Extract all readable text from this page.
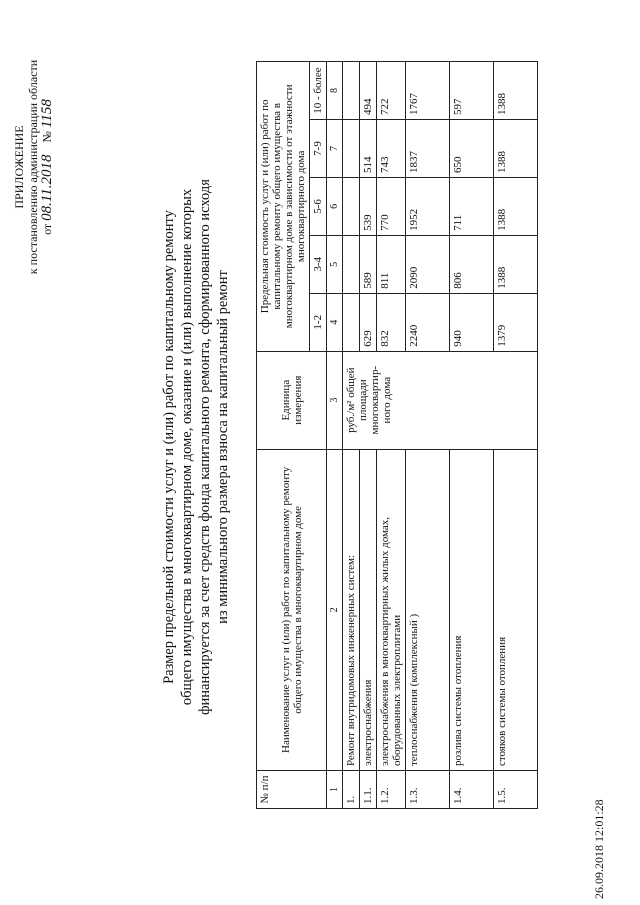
ПРИЛОЖЕНИЕ к постановлению администрации области от 08.11.2018    № 1158
Размер предельной стоимости услуг и (или) работ по капитальному ремонту общего имущества в многоквартирном доме, оказание и (или) выполнение которых финансируется за счет средств фонда капитального ремонта, сформированного исходя из минимального размера взноса на капитальный ремонт
№ п/п	Наименование услуг и (или) работ по капитальному ремонту общего имущества в многоквартирном доме	Единица измерения	Предельная стоимость услуг и (или) работ по капитальному ремонту общего имущества в многоквартирном доме в зависимости от этажности многоквартирного дома				
			1-2	3-4	5-6	7-9	10 - более
1	2	3	4	5	6	7	8
1.	Ремонт внутридомовых инженерных систем:	руб./м² общей площади многоквартир-ного дома					
1.1.	электроснабжения		629	589	539	514	494
1.2.	электроснабжения в многоквартирных жилых домах, оборудованных электроплитами		832	811	770	743	722
1.3.	теплоснабжения (комплексный )		2240	2090	1952	1837	1767
1.4.	розлива системы отопления		940	806	711	650	597
1.5.	стояков системы отопления		1379	1388	1388	1388	1388
26.09.2018 12:01:28
